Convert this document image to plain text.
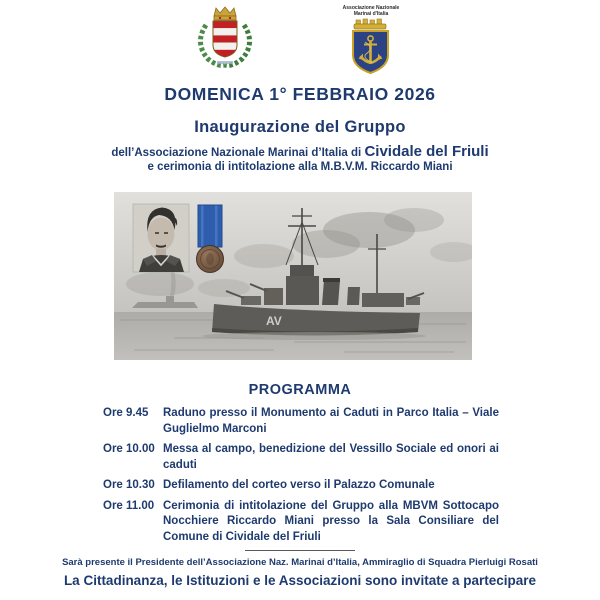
Associazione Nazionale
Marinai d'Italia
DOMENICA 1° FEBBRAIO 2026
Inaugurazione del Gruppo
dell’Associazione Nazionale Marinai d’Italia di Cividale del Friuli
e cerimonia di intitolazione alla M.B.V.M. Riccardo Miani
AV
PROGRAMMA
Ore 9.45	Raduno presso il Monumento ai Caduti in Parco Italia – Viale Guglielmo Marconi
Ore 10.00 Messa al campo, benedizione del Vessillo Sociale ed onori ai caduti
Ore 10.30 Defilamento del corteo verso il Palazzo Comunale
Ore 11.00 Cerimonia di intitolazione del Gruppo alla MBVM Sottocapo Nocchiere Riccardo Miani presso la Sala Consiliare del Comune di Cividale del Friuli
Sarà presente il Presidente dell’Associazione Naz. Marinai d’Italia, Ammiraglio di Squadra Pierluigi Rosati
La Cittadinanza, le Istituzioni e le Associazioni sono invitate a partecipare
